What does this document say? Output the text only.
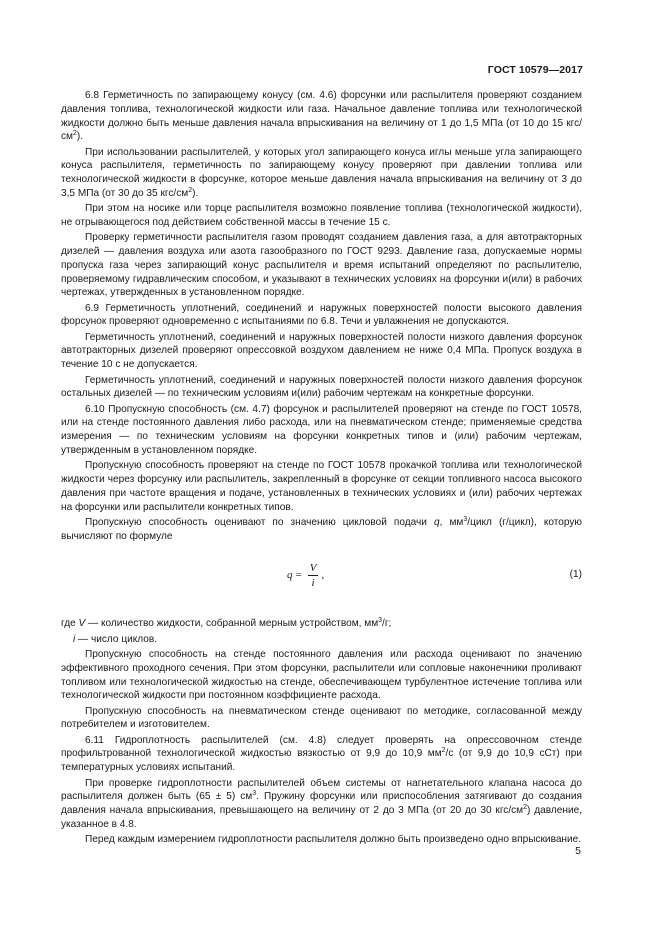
ГОСТ 10579—2017

6.8 Герметичность по запирающему конусу (см. 4.6) форсунки или распылителя проверяют созданием давления топлива, технологической жидкости или газа. Начальное давление топлива или технологической жидкости должно быть меньше давления начала впрыскивания на величину от 1 до 1,5 МПа (от 10 до 15 кгс/$см^2$).

При использовании распылителей, у которых угол запирающего конуса иглы меньше угла запирающего конуса распылителя, герметичность по запирающему конусу проверяют при давлении топлива или технологической жидкости в форсунке, которое меньше давления начала впрыскивания на величину от 3 до 3,5 МПа (от 30 до 35 кгс/$см^2$).

При этом на носике или торце распылителя возможно появление топлива (технологической жидкости), не отрывающегося под действием собственной массы в течение 15 с.

Проверку герметичности распылителя газом проводят созданием давления газа, а для автотракторных дизелей — давления воздуха или азота газообразного по ГОСТ 9293. Давление газа, допускаемые нормы пропуска газа через запирающий конус распылителя и время испытаний определяют по распылителю, проверяемому гидравлическим способом, и указывают в технических условиях на форсунки и(или) в рабочих чертежах, утвержденных в установленном порядке.

6.9 Герметичность уплотнений, соединений и наружных поверхностей полости высокого давления форсунок проверяют одновременно с испытаниями по 6.8. Течи и увлажнения не допускаются.

Герметичность уплотнений, соединений и наружных поверхностей полости низкого давления форсунок автотракторных дизелей проверяют опрессовкой воздухом давлением не ниже 0,4 МПа. Пропуск воздуха в течение 10 с не допускается.

Герметичность уплотнений, соединений и наружных поверхностей полости низкого давления форсунок остальных дизелей — по техническим условиям и(или) рабочим чертежам на конкретные форсунки.

6.10 Пропускную способность (см. 4.7) форсунок и распылителей проверяют на стенде по ГОСТ 10578, или на стенде постоянного давления либо расхода, или на пневматическом стенде; применяемые средства измерения — по техническим условиям на форсунки конкретных типов и (или) рабочим чертежам, утвержденным в установленном порядке.

Пропускную способность проверяют на стенде по ГОСТ 10578 прокачкой топлива или технологической жидкости через форсунку или распылитель, закрепленный в форсунке от секции топливного насоса высокого давления при частоте вращения и подаче, установленных в технических условиях и (или) рабочих чертежах на форсунки или распылители конкретных типов.

Пропускную способность оценивают по значению цикловой подачи q, $мм^3$/цикл (г/цикл), которую вычисляют по формуле

$q = \frac{V}{i}$ ,	(1)

где V — количество жидкости, собранной мерным устройством, $мм^3/г$;

i — число циклов.

Пропускную способность на стенде постоянного давления или расхода оценивают по значению эффективного проходного сечения. При этом форсунки, распылители или сопловые наконечники проливают топливом или технологической жидкостью на стенде, обеспечивающем турбулентное истечение топлива или технологической жидкости при постоянном коэффициенте расхода.

Пропускную способность на пневматическом стенде оценивают по методике, согласованной между потребителем и изготовителем.

6.11 Гидроплотность распылителей (см. 4.8) следует проверять на опрессовочном стенде профильтрованной технологической жидкостью вязкостью от 9,9 до 10,9 $мм^2/с$ (от 9,9 до 10,9 сСт) при температурных условиях испытаний.

При проверке гидроплотности распылителей объем системы от нагнетательного клапана насоса до распылителя должен быть (65 ± 5) $см^3$. Пружину форсунки или приспособления затягивают до создания давления начала впрыскивания, превышающего на величину от 2 до 3 МПа (от 20 до 30 кгс/$см^2$) давление, указанное в 4.8.

Перед каждым измерением гидроплотности распылителя должно быть произведено одно впрыскивание.

5
